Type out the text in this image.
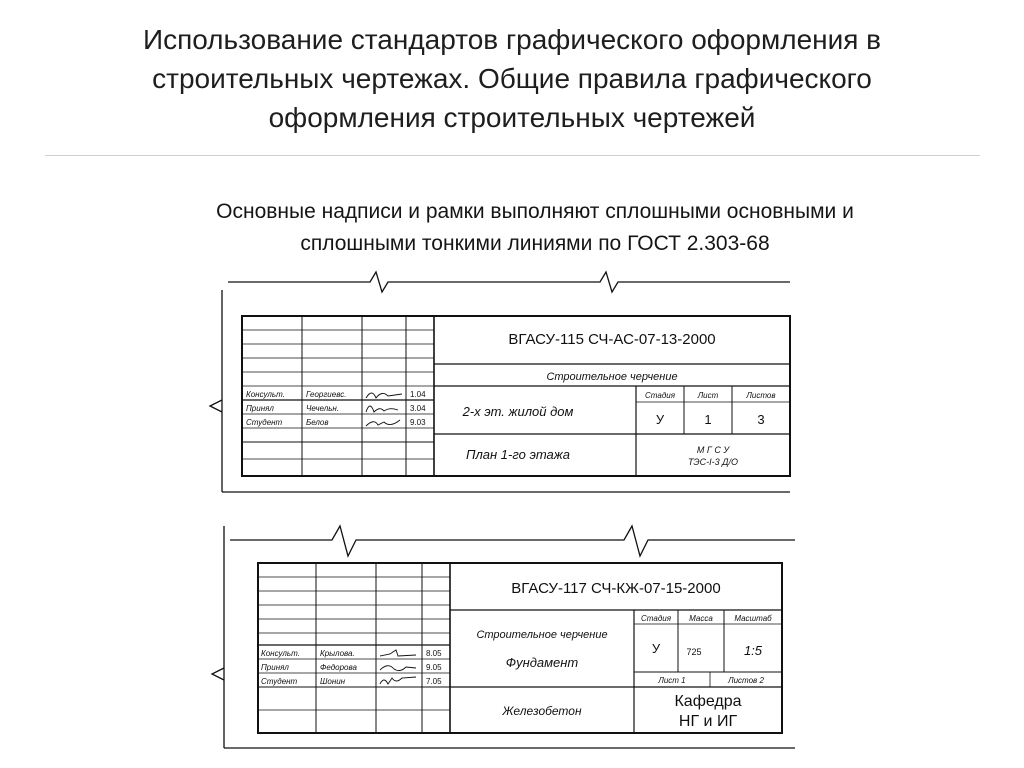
Использование стандартов графического оформления в
строительных чертежах. Общие правила графического
оформления строительных чертежей
Основные надписи и рамки выполняют сплошными основными и
сплошными тонкими линиями по ГОСТ 2.303-68
ВГАСУ-115 СЧ-АС-07-13-2000
Строительное черчение
2-х эт. жилой дом
План 1-го этажа
Стадия	Лист	Листов
У	1	3
М Г С У
ТЭС-I-3 Д/О
Консульт.	Георгиевс.	1.04
Принял	Чечельн.	3.04
Студент	Белов	9.03
ВГАСУ-117 СЧ-КЖ-07-15-2000
Строительное черчение
Фундамент
Железобетон
Стадия Масса	Масштаб
У	725	1:5
Лист 1	Листов 2
Кафедра
НГ и ИГ
Консульт.	Крылова.	8.05
Принял	Федорова	9.05
Студент	Шонин	7.05
